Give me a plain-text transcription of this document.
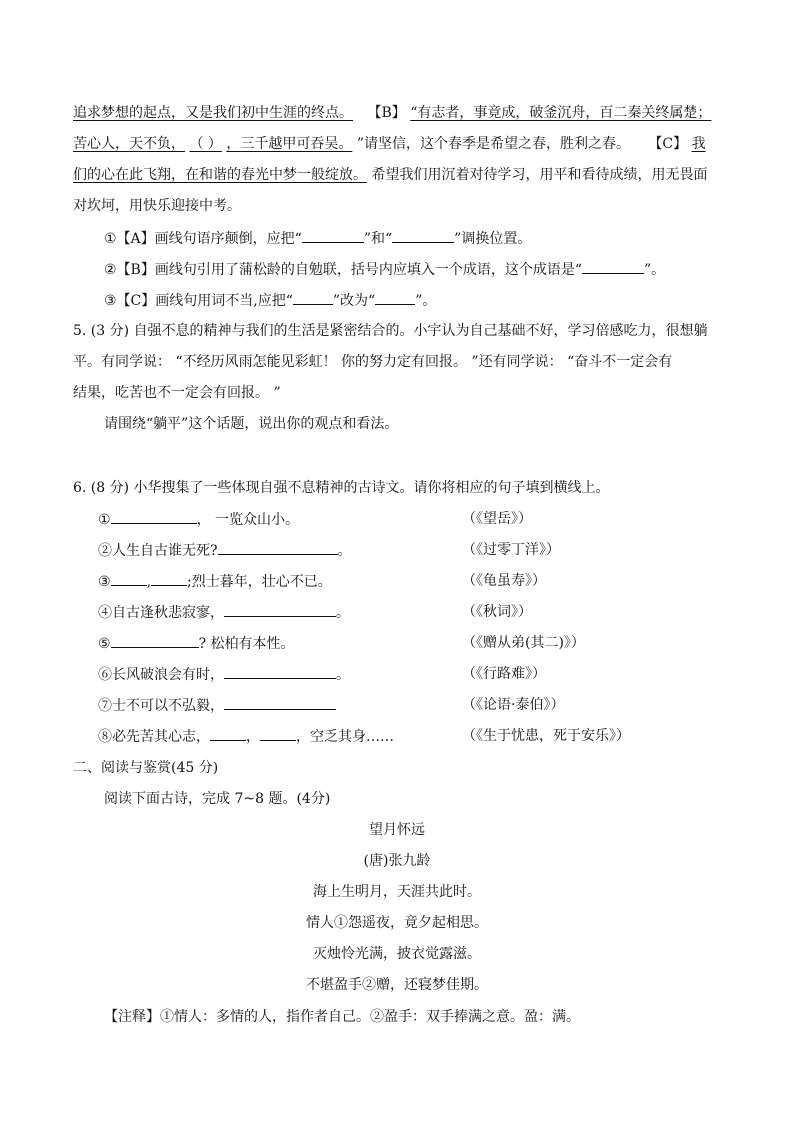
追求梦想的起点，又是我们初中生涯的终点。 【B】 “有志者，事竟成，破釜沉舟，百二秦关终属楚；
苦心人，天不负， （ ） ，三千越甲可吞吴。 ”请坚信，这个春季是希望之春，胜利之春。 【C】 我
们的心在此飞翔，在和谐的春光中梦一般绽放。 希望我们用沉着对待学习，用平和看待成绩，用无畏面
对坎坷，用快乐迎接中考。
①【A】画线句语序颠倒，应把“	”和“	”调换位置。
②【B】画线句引用了蒲松龄的自勉联，括号内应填入一个成语，这个成语是“	”。
③【C】画线句用词不当,应把“	”改为“	”。
5. (3 分) 自强不息的精神与我们的生活是紧密结合的。小宇认为自己基础不好，学习倍感吃力，很想躺
平。有同学说： “不经历风雨怎能见彩虹！ 你的努力定有回报。 ”还有同学说： “奋斗不一定会有
结果，吃苦也不一定会有回报。 ”
请围绕“躺平”这个话题，说出你的观点和看法。
6. (8 分) 小华搜集了一些体现自强不息精神的古诗文。请你将相应的句子填到横线上。
①	， 一览众山小。	（《望岳》）
②人生自古谁无死?	。	（《过零丁洋》）
③	,	;烈士暮年，壮心不已。	（《龟虽寿》）
④自古逢秋悲寂寥，	。	（《秋词》）
⑤	? 松柏有本性。	（《赠从弟(其二)》）
⑥长风破浪会有时，	。	（《行路难》）
⑦士不可以不弘毅，	（《论语·泰伯》）
⑧必先苦其心志，	，	，空乏其身……	（《生于忧患，死于安乐》）
二、阅读与鉴赏(45 分)
阅读下面古诗，完成 7~8 题。(4分)
望月怀远
(唐)张九龄
海上生明月，天涯共此时。
情人①怨遥夜，竟夕起相思。
灭烛怜光满，披衣觉露滋。
不堪盈手②赠，还寝梦佳期。
【注释】①情人：多情的人，指作者自己。②盈手：双手捧满之意。盈：满。
